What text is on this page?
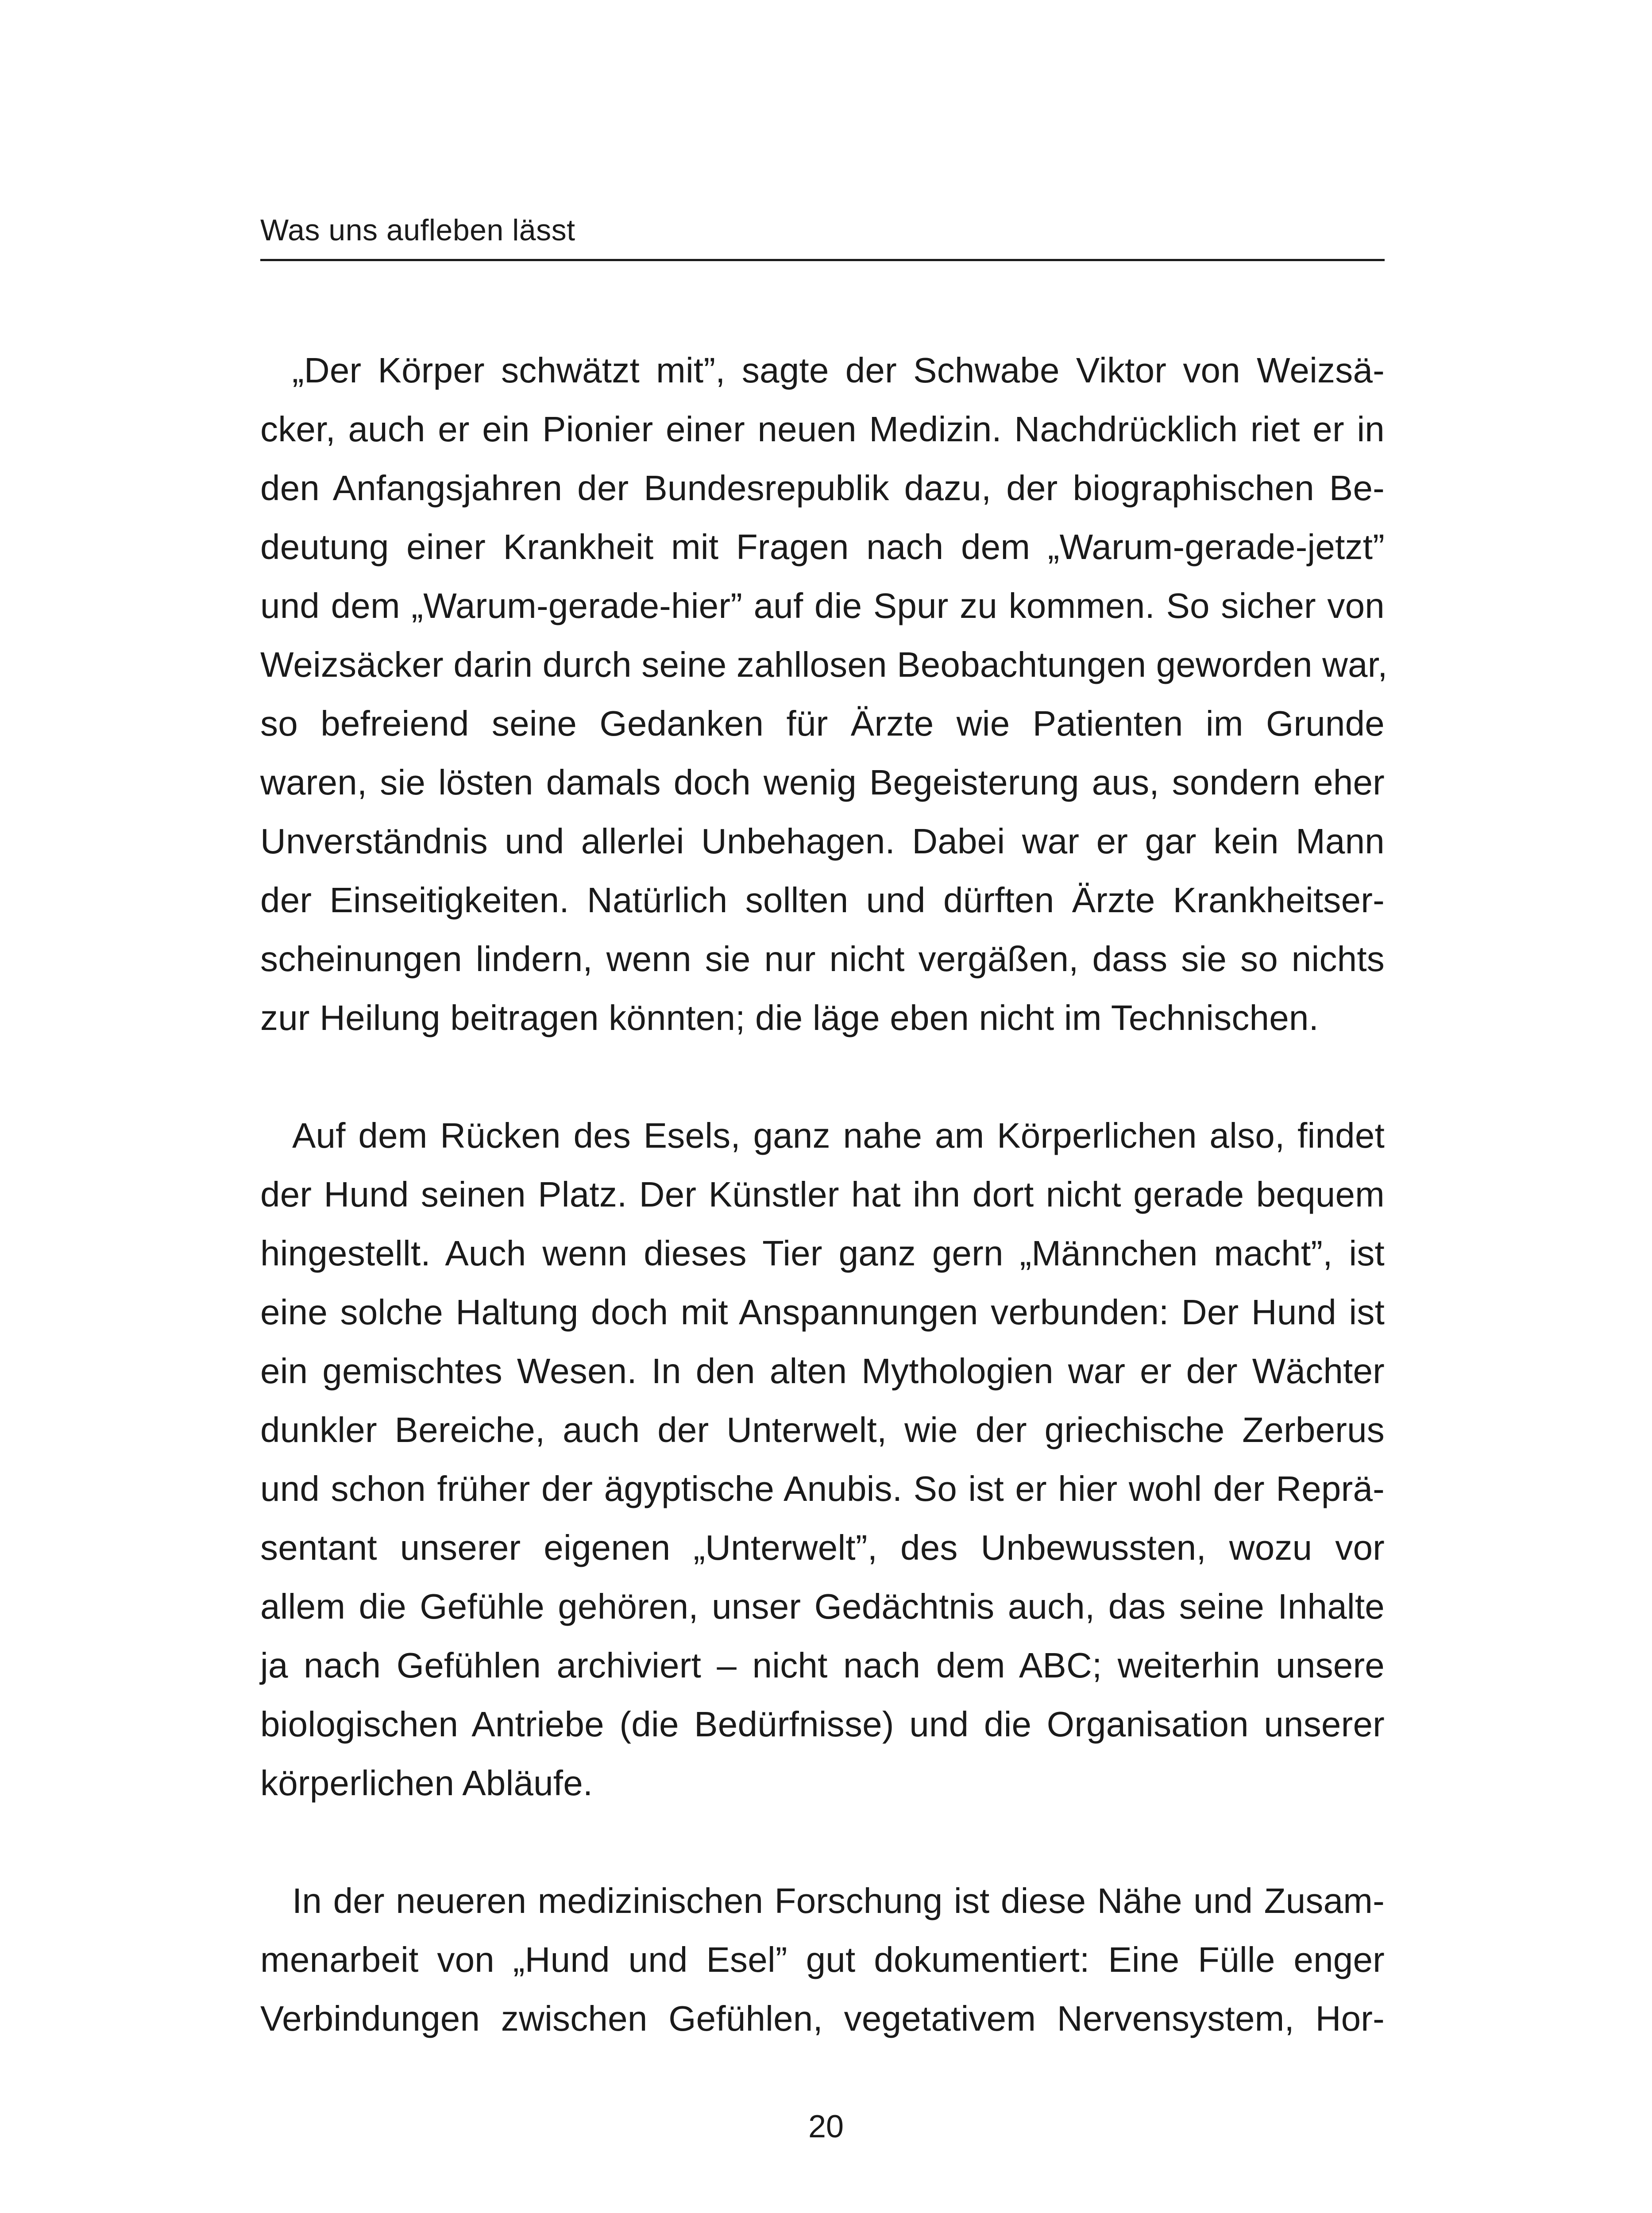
Was uns aufleben lässt
„Der Körper schwätzt mit”, sagte der Schwabe Viktor von Weizsä-
cker, auch er ein Pionier einer neuen Medizin. Nachdrücklich riet er in
den Anfangsjahren der Bundesrepublik dazu, der biographischen Be-
deutung einer Krankheit mit Fragen nach dem „Warum-gerade-jetzt”
und dem „Warum-gerade-hier” auf die Spur zu kommen. So sicher von
Weizsäcker darin durch seine zahllosen Beobachtungen geworden war,
so befreiend seine Gedanken für Ärzte wie Patienten im Grunde
waren, sie lösten damals doch wenig Begeisterung aus, sondern eher
Unverständnis und allerlei Unbehagen. Dabei war er gar kein Mann
der Einseitigkeiten. Natürlich sollten und dürften Ärzte Krankheitser-
scheinungen lindern, wenn sie nur nicht vergäßen, dass sie so nichts
zur Heilung beitragen könnten; die läge eben nicht im Technischen.
Auf dem Rücken des Esels, ganz nahe am Körperlichen also, findet
der Hund seinen Platz. Der Künstler hat ihn dort nicht gerade bequem
hingestellt. Auch wenn dieses Tier ganz gern „Männchen macht”, ist
eine solche Haltung doch mit Anspannungen verbunden: Der Hund ist
ein gemischtes Wesen. In den alten Mythologien war er der Wächter
dunkler Bereiche, auch der Unterwelt, wie der griechische Zerberus
und schon früher der ägyptische Anubis. So ist er hier wohl der Reprä-
sentant unserer eigenen „Unterwelt”, des Unbewussten, wozu vor
allem die Gefühle gehören, unser Gedächtnis auch, das seine Inhalte
ja nach Gefühlen archiviert – nicht nach dem ABC; weiterhin unsere
biologischen Antriebe (die Bedürfnisse) und die Organisation unserer
körperlichen Abläufe.
In der neueren medizinischen Forschung ist diese Nähe und Zusam-
menarbeit von „Hund und Esel” gut dokumentiert: Eine Fülle enger
Verbindungen zwischen Gefühlen, vegetativem Nervensystem, Hor-
20
